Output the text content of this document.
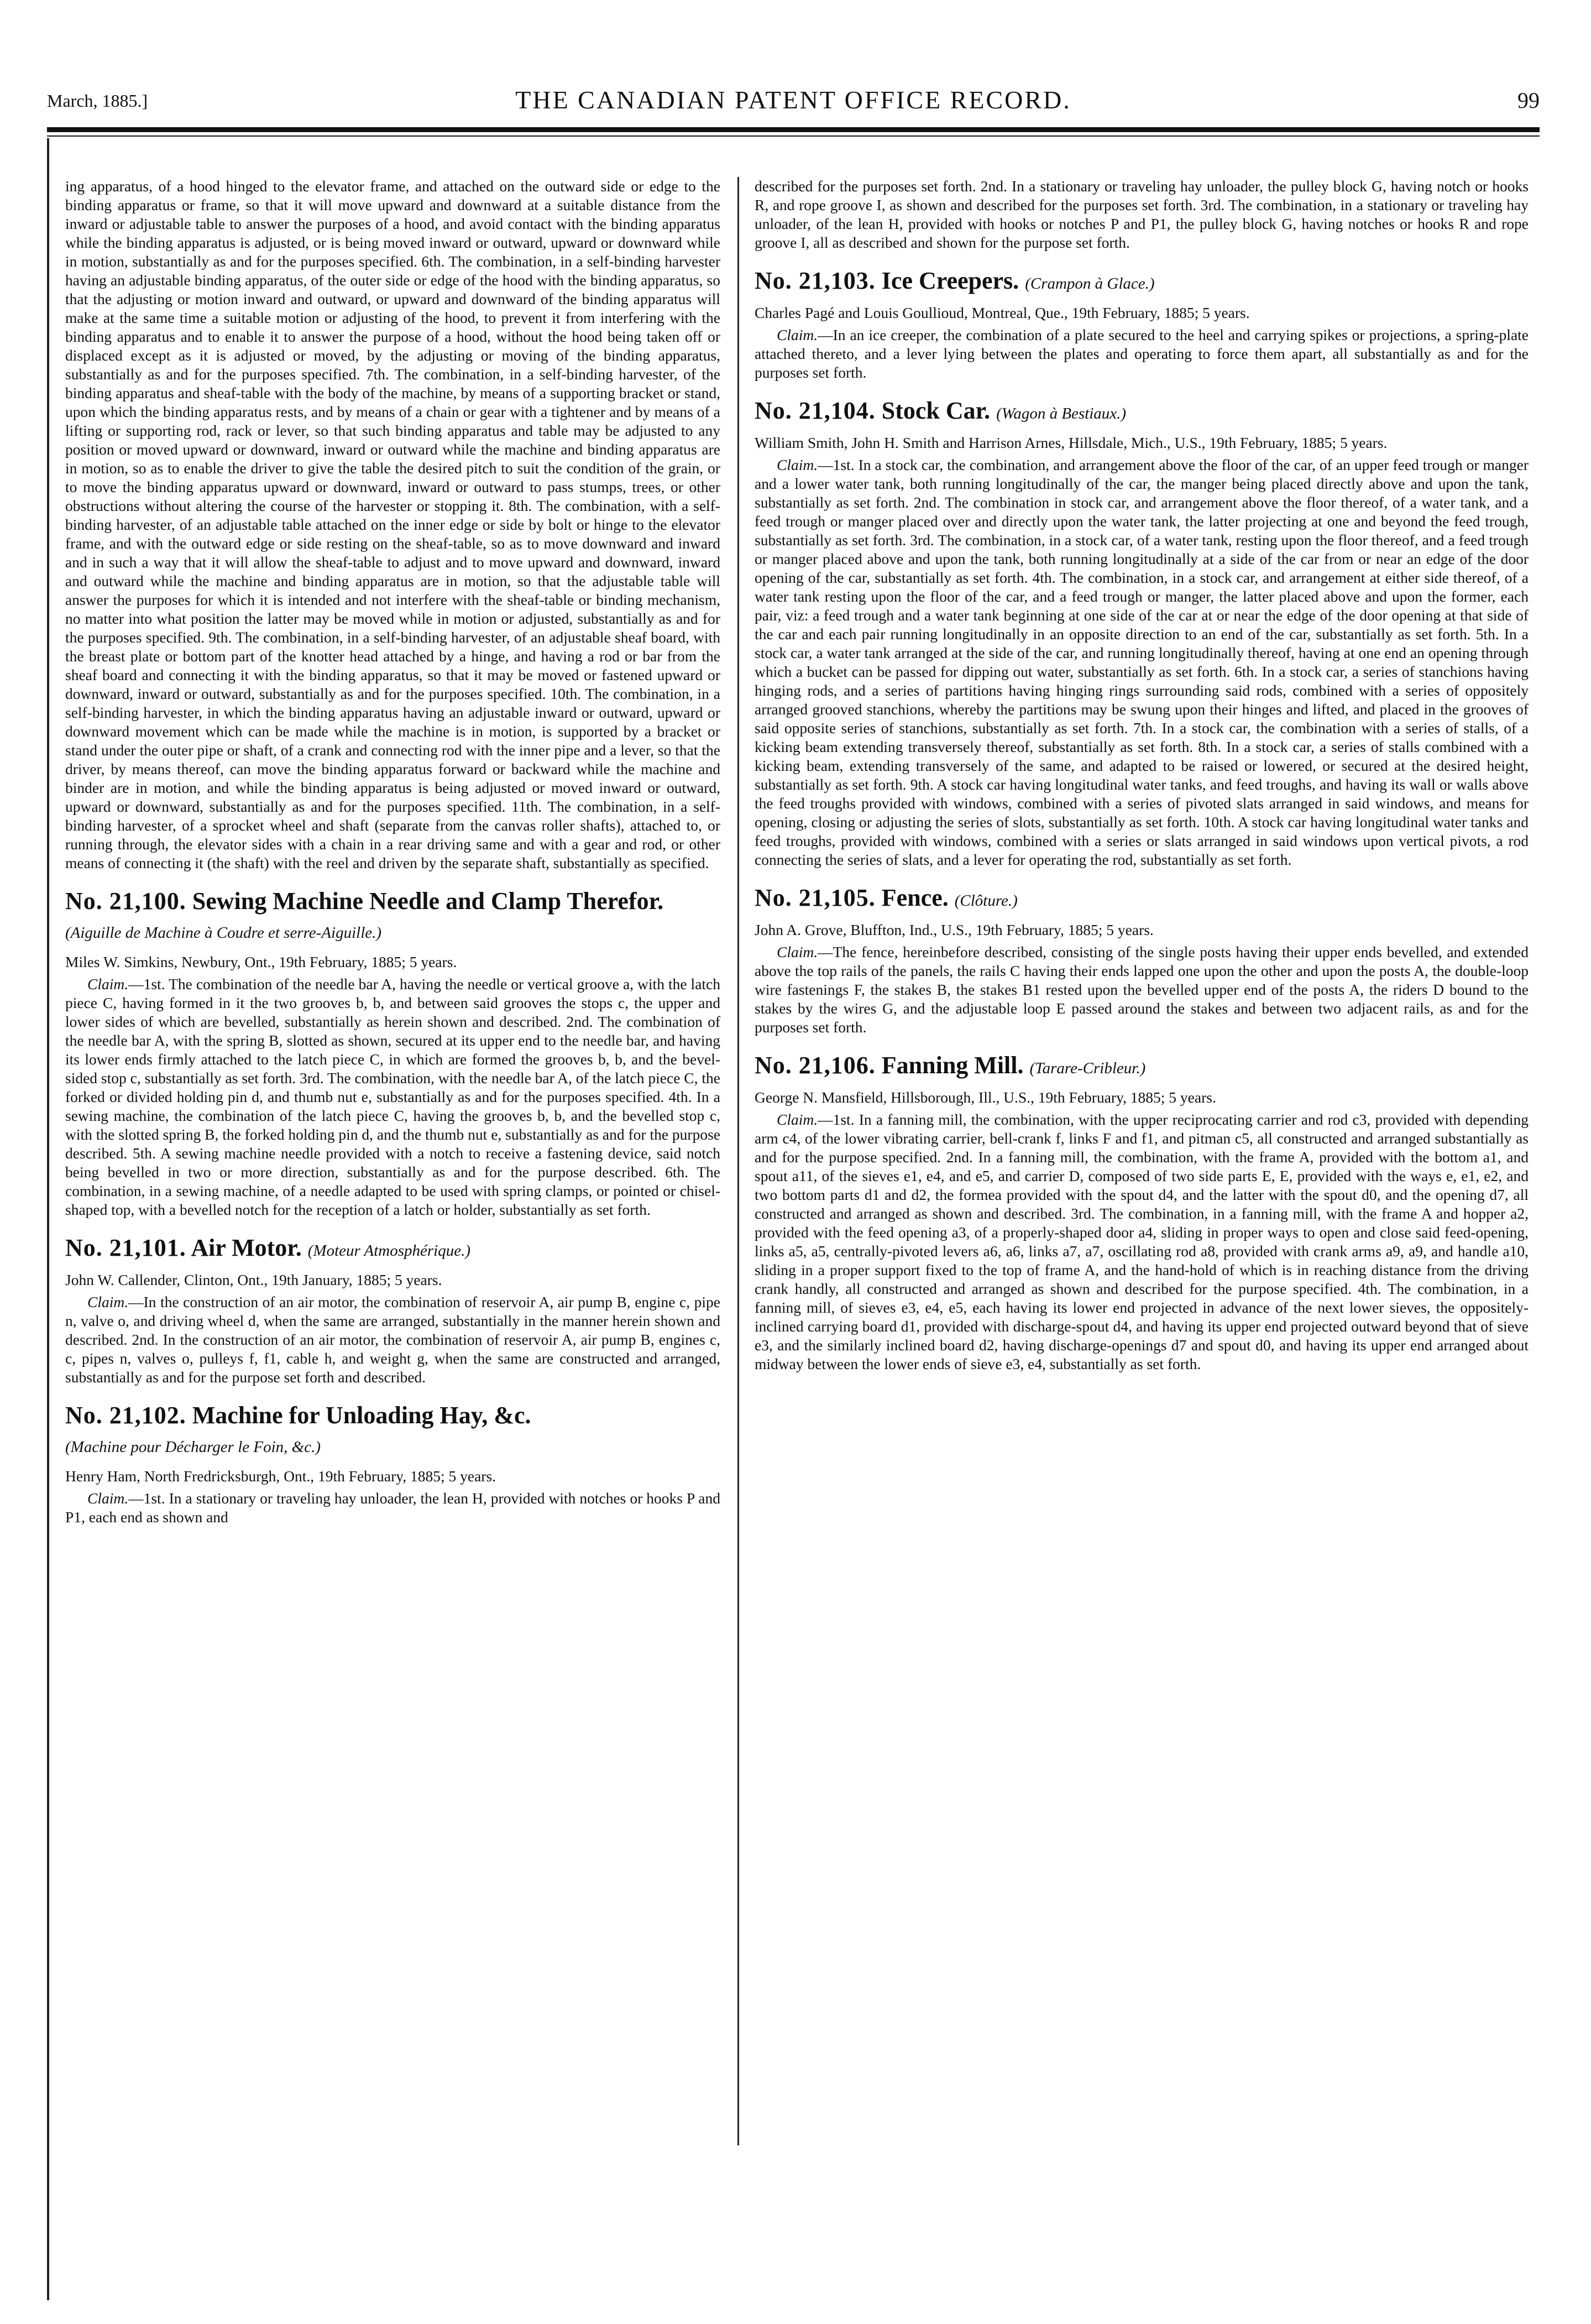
March, 1885.]	THE CANADIAN PATENT OFFICE RECORD.	99

ing apparatus, of a hood hinged to the elevator frame, and attached on the outward side or edge to the binding apparatus or frame, so that it will move upward and downward at a suitable distance from the inward or adjustable table to answer the purposes of a hood, and avoid contact with the binding apparatus while the binding apparatus is adjusted, or is being moved inward or outward, upward or downward while in motion, substantially as and for the purposes specified. 6th. The combination, in a self-binding harvester having an adjustable binding apparatus, of the outer side or edge of the hood with the binding apparatus, so that the adjusting or motion inward and outward, or upward and downward of the binding apparatus will make at the same time a suitable motion or adjusting of the hood, to prevent it from interfering with the binding apparatus and to enable it to answer the purpose of a hood, without the hood being taken off or displaced except as it is adjusted or moved, by the adjusting or moving of the binding apparatus, substantially as and for the purposes specified. 7th. The combination, in a self-binding harvester, of the binding apparatus and sheaf-table with the body of the machine, by means of a supporting bracket or stand, upon which the binding apparatus rests, and by means of a chain or gear with a tightener and by means of a lifting or supporting rod, rack or lever, so that such binding apparatus and table may be adjusted to any position or moved upward or downward, inward or outward while the machine and binding apparatus are in motion, so as to enable the driver to give the table the desired pitch to suit the condition of the grain, or to move the binding apparatus upward or downward, inward or outward to pass stumps, trees, or other obstructions without altering the course of the harvester or stopping it. 8th. The combination, with a self-binding harvester, of an adjustable table attached on the inner edge or side by bolt or hinge to the elevator frame, and with the outward edge or side resting on the sheaf-table, so as to move downward and inward and in such a way that it will allow the sheaf-table to adjust and to move upward and downward, inward and outward while the machine and binding apparatus are in motion, so that the adjustable table will answer the purposes for which it is intended and not interfere with the sheaf-table or binding mechanism, no matter into what position the latter may be moved while in motion or adjusted, substantially as and for the purposes specified. 9th. The combination, in a self-binding harvester, of an adjustable sheaf board, with the breast plate or bottom part of the knotter head attached by a hinge, and having a rod or bar from the sheaf board and connecting it with the binding apparatus, so that it may be moved or fastened upward or downward, inward or outward, substantially as and for the purposes specified. 10th. The combination, in a self-binding harvester, in which the binding apparatus having an adjustable inward or outward, upward or downward movement which can be made while the machine is in motion, is supported by a bracket or stand under the outer pipe or shaft, of a crank and connecting rod with the inner pipe and a lever, so that the driver, by means thereof, can move the binding apparatus forward or backward while the machine and binder are in motion, and while the binding apparatus is being adjusted or moved inward or outward, upward or downward, substantially as and for the purposes specified. 11th. The combination, in a self-binding harvester, of a sprocket wheel and shaft (separate from the canvas roller shafts), attached to, or running through, the elevator sides with a chain in a rear driving same and with a gear and rod, or other means of connecting it (the shaft) with the reel and driven by the separate shaft, substantially as specified.

No. 21,100. Sewing Machine Needle and Clamp Therefor. (Aiguille de Machine à Coudre et serre-Aiguille.)

Miles W. Simkins, Newbury, Ont., 19th February, 1885; 5 years.

Claim.—1st. The combination of the needle bar A, having the needle or vertical groove a, with the latch piece C, having formed in it the two grooves b, b, and between said grooves the stops c, the upper and lower sides of which are bevelled, substantially as herein shown and described. 2nd. The combination of the needle bar A, with the spring B, slotted as shown, secured at its upper end to the needle bar, and having its lower ends firmly attached to the latch piece C, in which are formed the grooves b, b, and the bevel-sided stop c, substantially as set forth. 3rd. The combination, with the needle bar A, of the latch piece C, the forked or divided holding pin d, and thumb nut e, substantially as and for the purposes specified. 4th. In a sewing machine, the combination of the latch piece C, having the grooves b, b, and the bevelled stop c, with the slotted spring B, the forked holding pin d, and the thumb nut e, substantially as and for the purpose described. 5th. A sewing machine needle provided with a notch to receive a fastening device, said notch being bevelled in two or more direction, substantially as and for the purpose described. 6th. The combination, in a sewing machine, of a needle adapted to be used with spring clamps, or pointed or chisel-shaped top, with a bevelled notch for the reception of a latch or holder, substantially as set forth.

No. 21,101. Air Motor. (Moteur Atmosphérique.)

John W. Callender, Clinton, Ont., 19th January, 1885; 5 years.

Claim.—In the construction of an air motor, the combination of reservoir A, air pump B, engine c, pipe n, valve o, and driving wheel d, when the same are arranged, substantially in the manner herein shown and described. 2nd. In the construction of an air motor, the combination of reservoir A, air pump B, engines c, c, pipes n, valves o, pulleys f, f1, cable h, and weight g, when the same are constructed and arranged, substantially as and for the purpose set forth and described.

No. 21,102. Machine for Unloading Hay, &c.
(Machine pour Décharger le Foin, &c.)

Henry Ham, North Fredricksburgh, Ont., 19th February, 1885; 5 years.

Claim.—1st. In a stationary or traveling hay unloader, the lean H, provided with notches or hooks P and P1, each end as shown and

described for the purposes set forth. 2nd. In a stationary or traveling hay unloader, the pulley block G, having notch or hooks R, and rope groove I, as shown and described for the purposes set forth. 3rd. The combination, in a stationary or traveling hay unloader, of the lean H, provided with hooks or notches P and P1, the pulley block G, having notches or hooks R and rope groove I, all as described and shown for the purpose set forth.

No. 21,103. Ice Creepers. (Crampon à Glace.)

Charles Pagé and Louis Goullioud, Montreal, Que., 19th February, 1885; 5 years.

Claim.—In an ice creeper, the combination of a plate secured to the heel and carrying spikes or projections, a spring-plate attached thereto, and a lever lying between the plates and operating to force them apart, all substantially as and for the purposes set forth.

No. 21,104. Stock Car. (Wagon à Bestiaux.)

William Smith, John H. Smith and Harrison Arnes, Hillsdale, Mich., U.S., 19th February, 1885; 5 years.

Claim.—1st. In a stock car, the combination, and arrangement above the floor of the car, of an upper feed trough or manger and a lower water tank, both running longitudinally of the car, the manger being placed directly above and upon the tank, substantially as set forth. 2nd. The combination in stock car, and arrangement above the floor thereof, of a water tank, and a feed trough or manger placed over and directly upon the water tank, the latter projecting at one and beyond the feed trough, substantially as set forth. 3rd. The combination, in a stock car, of a water tank, resting upon the floor thereof, and a feed trough or manger placed above and upon the tank, both running longitudinally at a side of the car from or near an edge of the door opening of the car, substantially as set forth. 4th. The combination, in a stock car, and arrangement at either side thereof, of a water tank resting upon the floor of the car, and a feed trough or manger, the latter placed above and upon the former, each pair, viz: a feed trough and a water tank beginning at one side of the car at or near the edge of the door opening at that side of the car and each pair running longitudinally in an opposite direction to an end of the car, substantially as set forth. 5th. In a stock car, a water tank arranged at the side of the car, and running longitudinally thereof, having at one end an opening through which a bucket can be passed for dipping out water, substantially as set forth. 6th. In a stock car, a series of stanchions having hinging rods, and a series of partitions having hinging rings surrounding said rods, combined with a series of oppositely arranged grooved stanchions, whereby the partitions may be swung upon their hinges and lifted, and placed in the grooves of said opposite series of stanchions, substantially as set forth. 7th. In a stock car, the combination with a series of stalls, of a kicking beam extending transversely thereof, substantially as set forth. 8th. In a stock car, a series of stalls combined with a kicking beam, extending transversely of the same, and adapted to be raised or lowered, or secured at the desired height, substantially as set forth. 9th. A stock car having longitudinal water tanks, and feed troughs, and having its wall or walls above the feed troughs provided with windows, combined with a series of pivoted slats arranged in said windows, and means for opening, closing or adjusting the series of slots, substantially as set forth. 10th. A stock car having longitudinal water tanks and feed troughs, provided with windows, combined with a series or slats arranged in said windows upon vertical pivots, a rod connecting the series of slats, and a lever for operating the rod, substantially as set forth.

No. 21,105. Fence. (Clôture.)

John A. Grove, Bluffton, Ind., U.S., 19th February, 1885; 5 years.

Claim.—The fence, hereinbefore described, consisting of the single posts having their upper ends bevelled, and extended above the top rails of the panels, the rails C having their ends lapped one upon the other and upon the posts A, the double-loop wire fastenings F, the stakes B, the stakes B1 rested upon the bevelled upper end of the posts A, the riders D bound to the stakes by the wires G, and the adjustable loop E passed around the stakes and between two adjacent rails, as and for the purposes set forth.

No. 21,106. Fanning Mill. (Tarare-Cribleur.)

George N. Mansfield, Hillsborough, Ill., U.S., 19th February, 1885; 5 years.

Claim.—1st. In a fanning mill, the combination, with the upper reciprocating carrier and rod c3, provided with depending arm c4, of the lower vibrating carrier, bell-crank f, links F and f1, and pitman c5, all constructed and arranged substantially as and for the purpose specified. 2nd. In a fanning mill, the combination, with the frame A, provided with the bottom a1, and spout a11, of the sieves e1, e4, and e5, and carrier D, composed of two side parts E, E, provided with the ways e, e1, e2, and two bottom parts d1 and d2, the formea provided with the spout d4, and the latter with the spout d0, and the opening d7, all constructed and arranged as shown and described. 3rd. The combination, in a fanning mill, with the frame A and hopper a2, provided with the feed opening a3, of a properly-shaped door a4, sliding in proper ways to open and close said feed-opening, links a5, a5, centrally-pivoted levers a6, a6, links a7, a7, oscillating rod a8, provided with crank arms a9, a9, and handle a10, sliding in a proper support fixed to the top of frame A, and the hand-hold of which is in reaching distance from the driving crank handly, all constructed and arranged as shown and described for the purpose specified. 4th. The combination, in a fanning mill, of sieves e3, e4, e5, each having its lower end projected in advance of the next lower sieves, the oppositely-inclined carrying board d1, provided with discharge-spout d4, and having its upper end projected outward beyond that of sieve e3, and the similarly inclined board d2, having discharge-openings d7 and spout d0, and having its upper end arranged about midway between the lower ends of sieve e3, e4, substantially as set forth.
